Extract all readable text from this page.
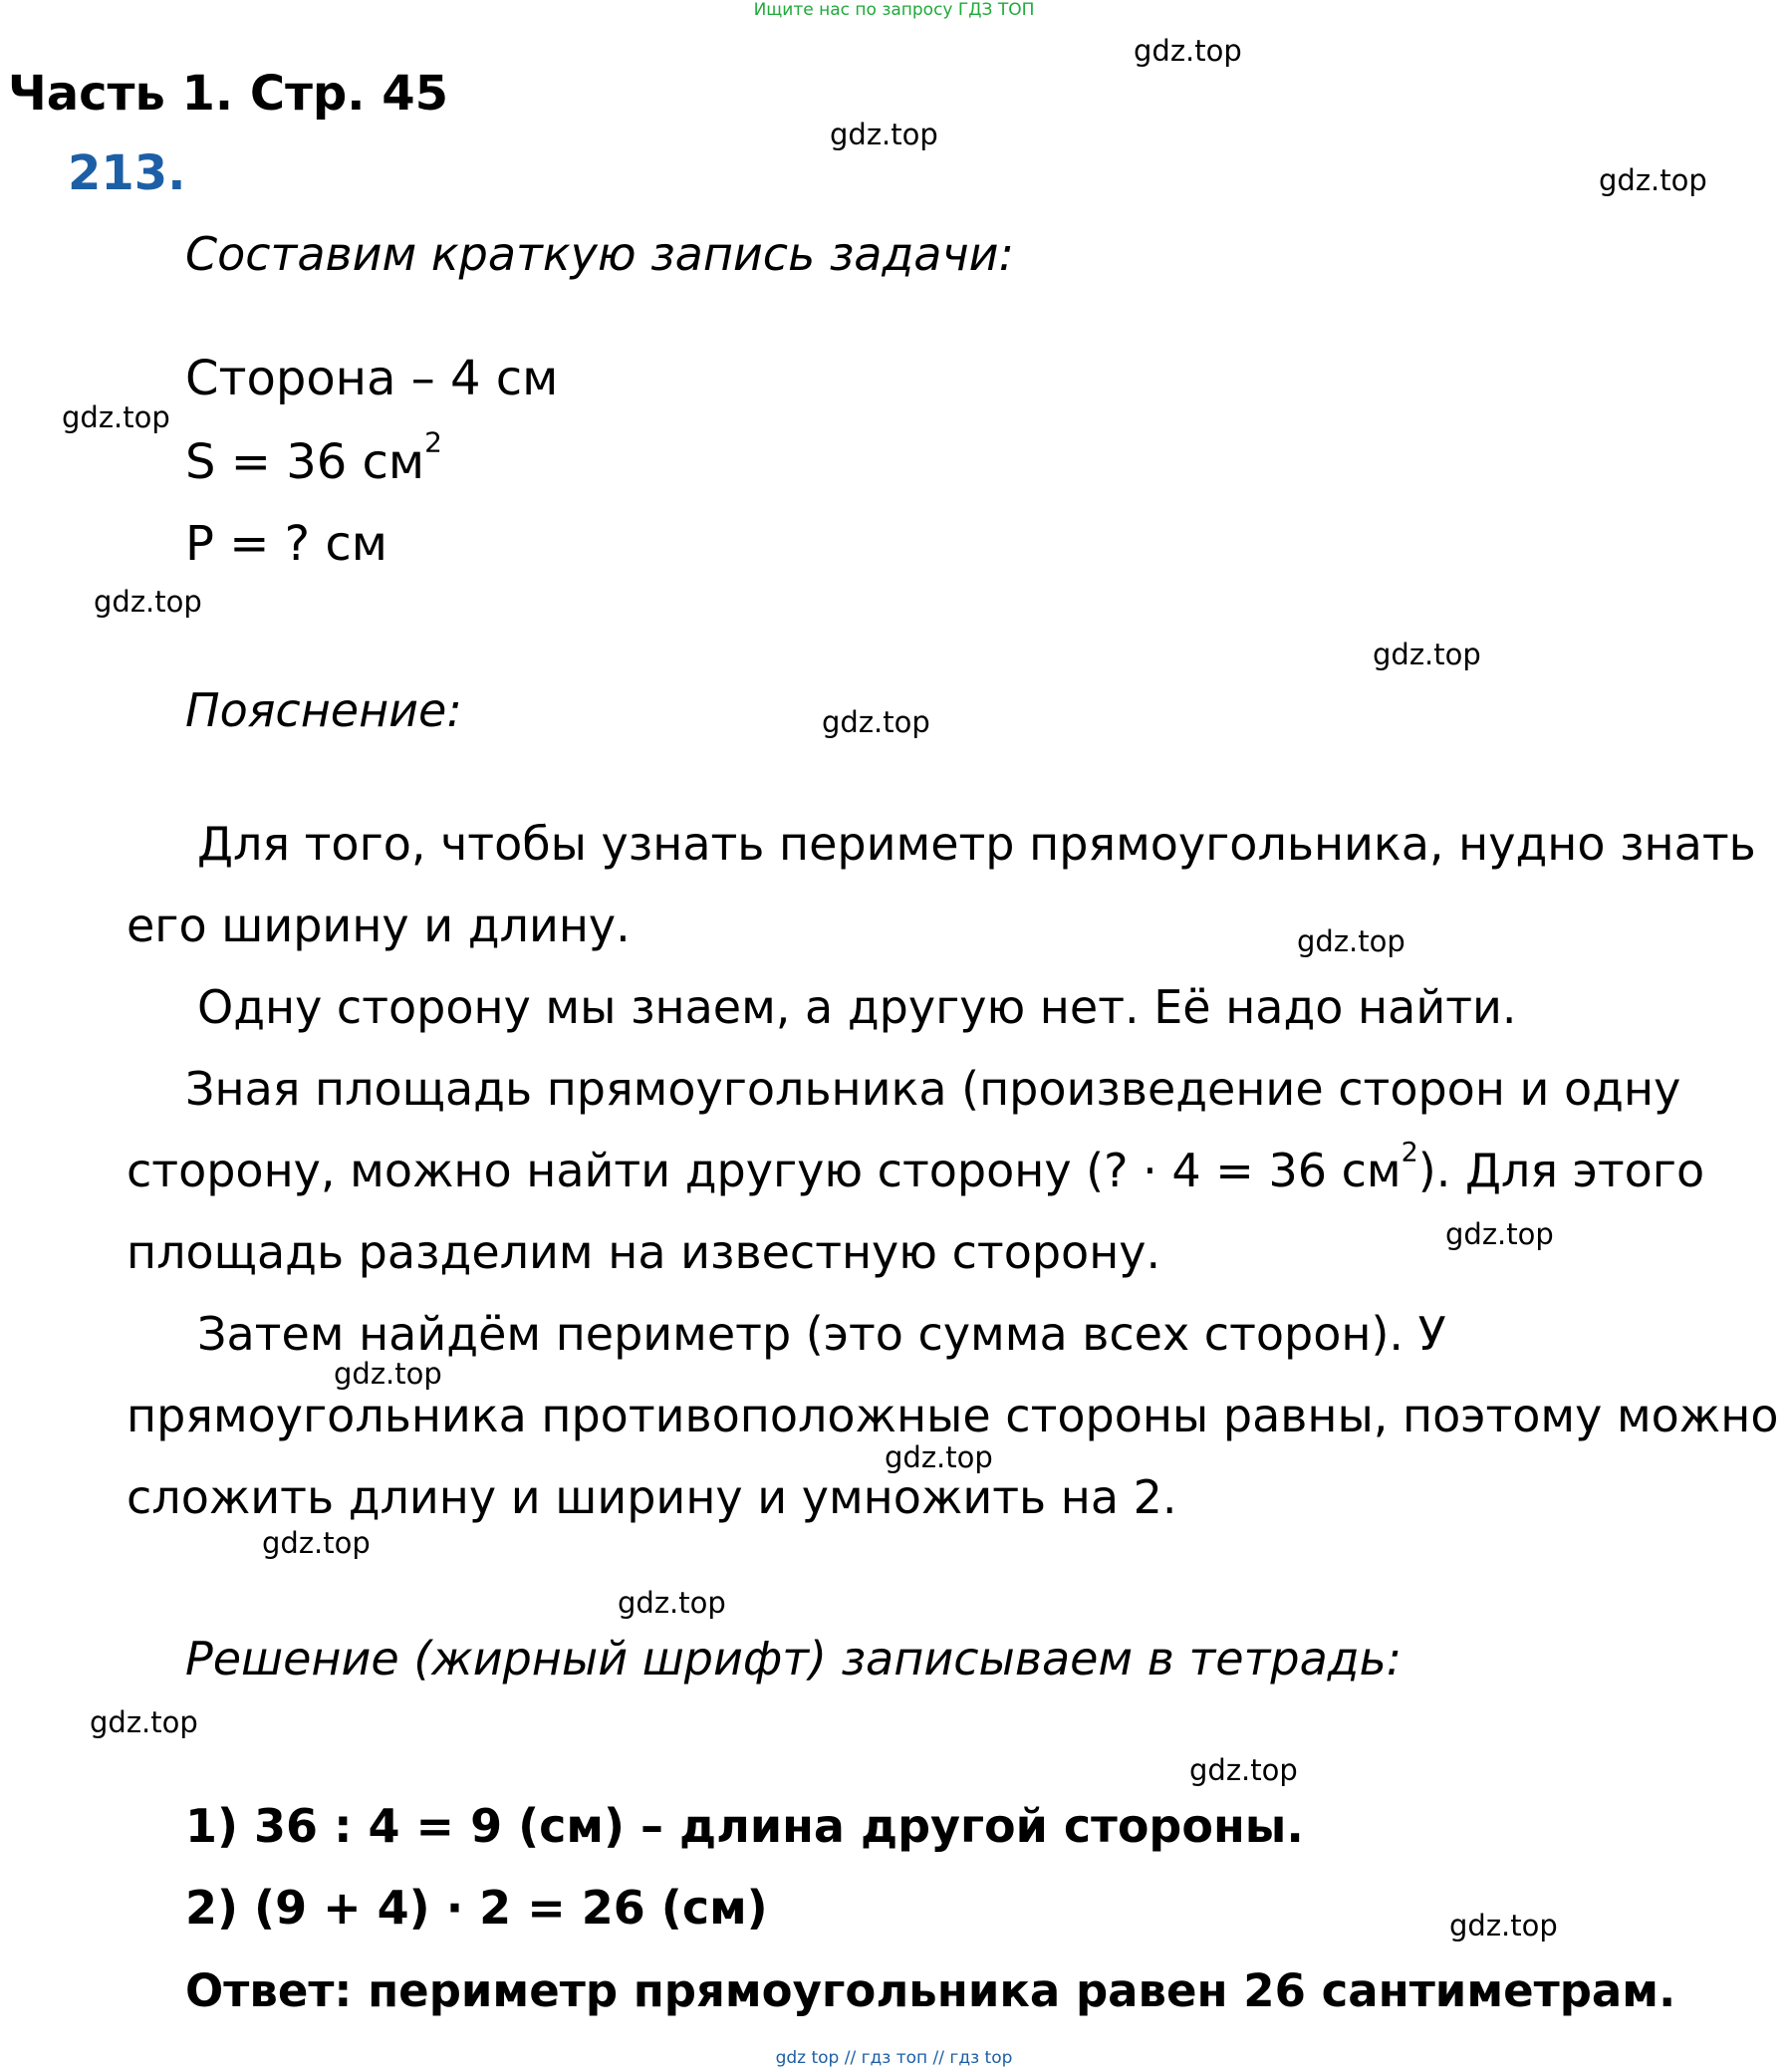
Ищите нас по запросу ГДЗ ТОП
Часть 1. Стр. 45
213.
Составим краткую запись задачи:
Сторона – 4 см
S = 36 $см^2$
P = ? см
Пояснение:

Для того, чтобы узнать периметр прямоугольника, нудно знать его ширину и длину.

Одну сторону мы знаем, а другую нет. Её надо найти.

Зная площадь прямоугольника (произведение сторон и одну сторону, можно найти другую сторону (? · 4 = 36 $см^2$). Для этого площадь разделим на известную сторону.

Затем найдём периметр (это сумма всех сторон). У прямоугольника противоположные стороны равны, поэтому можно сложить длину и ширину и умножить на 2.

Решение (жирный шрифт) записываем в тетрадь:
1) 36 : 4 = 9 (см) – длина другой стороны.
2) (9 + 4) · 2 = 26 (см)
Ответ: периметр прямоугольника равен 26 сантиметрам.
gdz.top
gdz.top
gdz.top
gdz.top
gdz.top
gdz.top
gdz.top
gdz.top
gdz.top
gdz.top
gdz.top
gdz.top
gdz.top
gdz.top
gdz.top
gdz.top
gdz top // гдз топ // гдз top
